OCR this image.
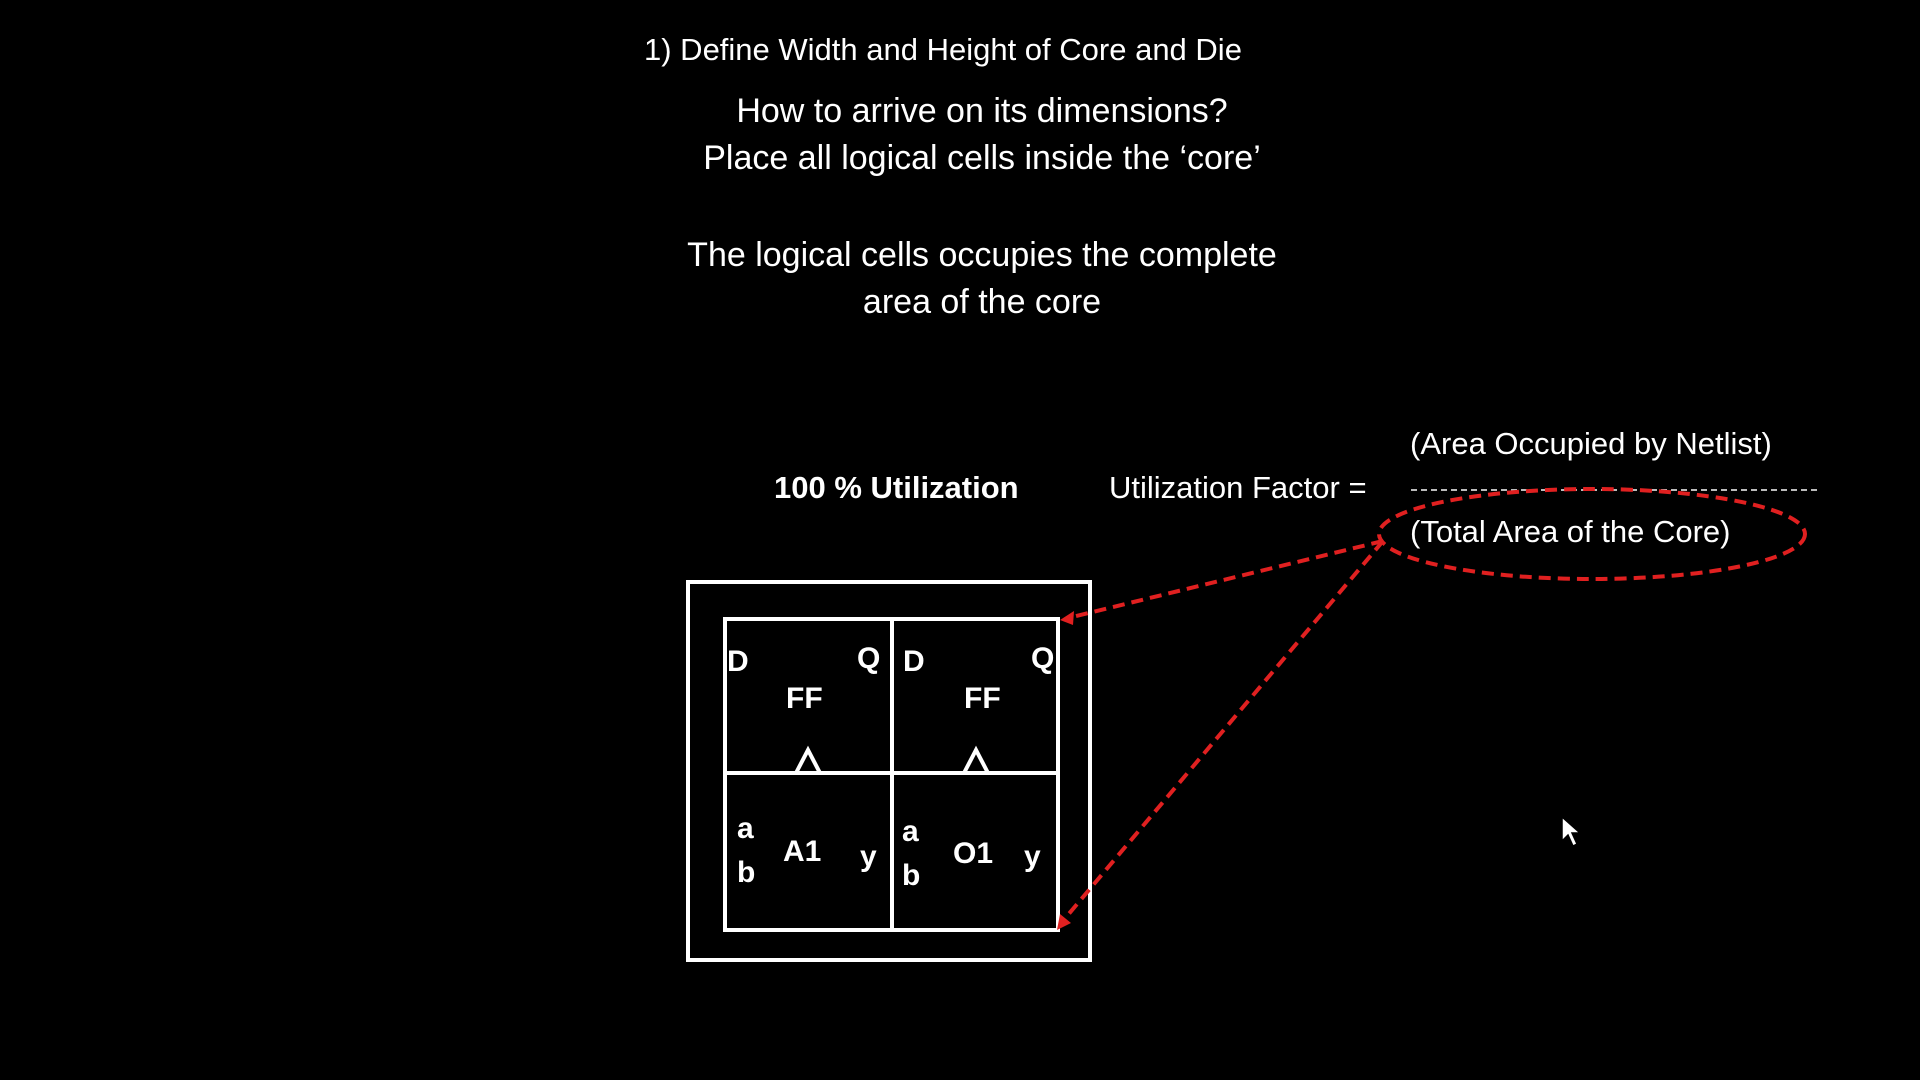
1) Define Width and Height of Core and Die
How to arrive on its dimensions?
Place all logical cells inside the ‘core’
The logical cells occupies the complete
area of the core
100 % Utilization	Utilization Factor =
(Area Occupied by Netlist)
(Total Area of the Core)
D	Q
FF
D	Q
FF
a
b
A1 y
a
b
O1 y
